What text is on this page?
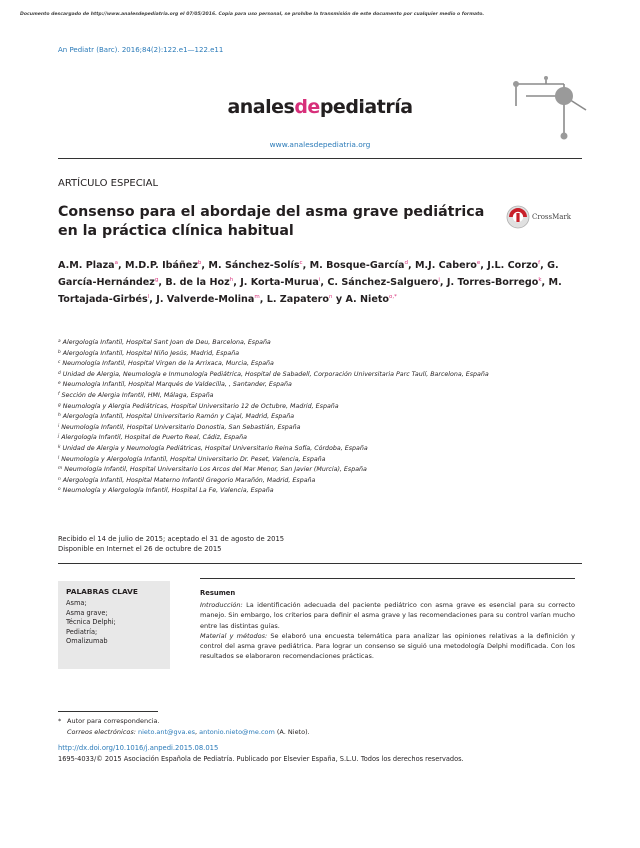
Documento descargado de http://www.analesdepediatria.org el 07/05/2016. Copia para uso personal, se prohíbe la transmisión de este documento por cualquier medio o formato.
An Pediatr (Barc). 2016;84(2):122.e1—122.e11
analesdepediatría
www.analesdepediatria.org
ARTÍCULO ESPECIAL
Consenso para el abordaje del asma grave pediátrica
en la práctica clínica habitual
CrossMark
A.M. Plaza$^a$, M.D.P. Ibáñez$^b$, M. Sánchez-Solís$^c$, M. Bosque-García$^d$, M.J. Cabero$^e$, J.L. Corzo$^f$, G. García-Hernández$^g$, B. de la Hoz$^h$, J. Korta-Murua$^i$, C. Sánchez-Salguero$^j$, J. Torres-Borrego$^k$, M. Tortajada-Girbés$^l$, J. Valverde-Molina$^m$, L. Zapatero$^n$ y A. Nieto$^{o,*}$
$^a$ Alergología Infantil, Hospital Sant Joan de Deu, Barcelona, España
$^b$ Alergología Infantil, Hospital Niño Jesús, Madrid, España
$^c$ Neumología Infantil, Hospital Virgen de la Arrixaca, Murcia, España
$^d$ Unidad de Alergia, Neumología e Inmunología Pediátrica, Hospital de Sabadell, Corporación Universitaria Parc Taulí, Barcelona, España
$^e$ Neumología Infantil, Hospital Marqués de Valdecilla, , Santander, España
$^f$ Sección de Alergia Infantil, HMI, Málaga, España
$^g$ Neumología y Alergia Pediátricas, Hospital Universitario 12 de Octubre, Madrid, España
$^h$ Alergología Infantil, Hospital Universitario Ramón y Cajal, Madrid, España
$^i$ Neumología Infantil, Hospital Universitario Donostia, San Sebastián, España
$^j$ Alergología Infantil, Hospital de Puerto Real, Cádiz, España
$^k$ Unidad de Alergia y Neumología Pediátricas, Hospital Universitario Reina Sofía, Córdoba, España
$^l$ Neumología y Alergología Infantil, Hospital Universitario Dr. Peset, Valencia, España
$^m$ Neumología Infantil, Hospital Universitario Los Arcos del Mar Menor, San Javier (Murcia), España
$^n$ Alergología Infantil, Hospital Materno Infantil Gregorio Marañón, Madrid, España
$^o$ Neumología y Alergología Infantil, Hospital La Fe, Valencia, España
Recibido el 14 de julio de 2015; aceptado el 31 de agosto de 2015
Disponible en Internet el 26 de octubre de 2015
PALABRAS CLAVE
Asma;
Asma grave;
Técnica Delphi;
Pediatría;
Omalizumab
Resumen
Introducción: La identificación adecuada del paciente pediátrico con asma grave es esencial para su correcto manejo. Sin embargo, los criterios para definir el asma grave y las recomendaciones para su control varían mucho entre las distintas guías.
Material y métodos: Se elaboró una encuesta telemática para analizar las opiniones relativas a la definición y control del asma grave pediátrica. Para lograr un consenso se siguió una metodología Delphi modificada. Con los resultados se elaboraron recomendaciones prácticas.
* Autor para correspondencia.
Correos electrónicos: nieto.ant@gva.es, antonio.nieto@me.com (A. Nieto).
http://dx.doi.org/10.1016/j.anpedi.2015.08.015
1695-4033/© 2015 Asociación Española de Pediatría. Publicado por Elsevier España, S.L.U. Todos los derechos reservados.
